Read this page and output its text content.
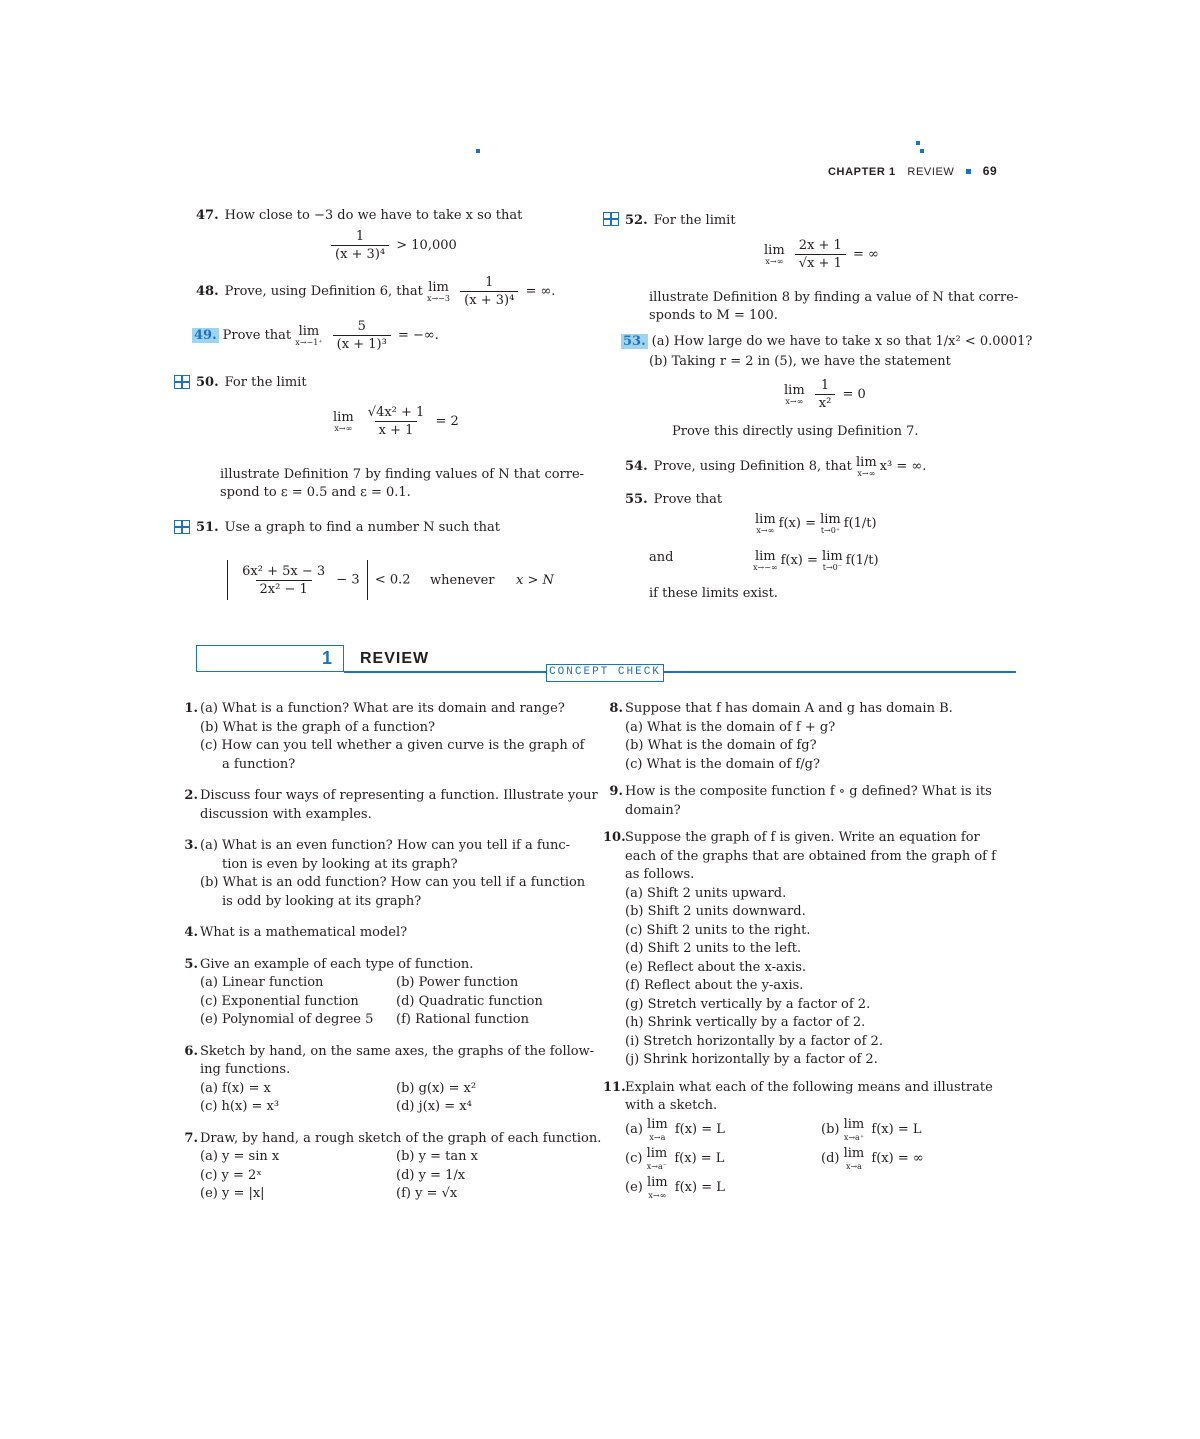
CHAPTER 1 REVIEW 69
47. How close to −3 do we have to take x so that
$\frac{1}{\text{(x + 3)⁴}} > 10,000$
48. Prove, using Definition 6, that lim
x→−3
$\frac{1}{\text{(x + 3)⁴}}$ = ∞.
49. Prove that lim
x→−1⁺
$\frac{5}{\text{(x + 1)³}}$ = −∞.
50. For the limit
lim
x→∞
$\frac{\text{√4x² + 1}}{x + 1} = 2$
illustrate Definition 7 by finding values of N that corre-
spond to ε = 0.5 and ε = 0.1.
51. Use a graph to find a number N such that

$\frac{\text{6x² + 5x − 3}}{\text{2x² − 1}} - 3 < 0.2$ whenever x > N
52. For the limit
lim
x→∞
$\frac{2x + 1}{√x + 1}$ = ∞
illustrate Definition 8 by finding a value of N that corre-
sponds to M = 100.
53. (a) How large do we have to take x so that 1/x² < 0.0001?
(b) Taking r = 2 in (5), we have the statement
lim
x→∞
$\frac{1}{\text{x²}} = 0$
Prove this directly using Definition 7.
54. Prove, using Definition 8, that lim
x→∞ x³ = ∞.
55. Prove that
lim
x→∞ f(x) = lim
t→0⁺ f(1/t)
and	lim
x→−∞ f(x) = lim
t→0⁻ f(1/t)
if these limits exist.
1 REVIEW
CONCEPT CHECK
1. (a) What is a function? What are its domain and range?
(b) What is the graph of a function?
(c) How can you tell whether a given curve is the graph of
a function?
2. Discuss four ways of representing a function. Illustrate your
discussion with examples.
3. (a) What is an even function? How can you tell if a func-
tion is even by looking at its graph?
(b) What is an odd function? How can you tell if a function
is odd by looking at its graph?
4. What is a mathematical model?
5. Give an example of each type of function.
(a) Linear function	(b) Power function
(c) Exponential function	(d) Quadratic function
(e) Polynomial of degree 5 (f) Rational function
6. Sketch by hand, on the same axes, the graphs of the follow-
ing functions.
(a) f(x) = x	(b) g(x) = x²
(c) h(x) = x³	(d) j(x) = x⁴
7. Draw, by hand, a rough sketch of the graph of each function.
(a) y = sin x	(b) y = tan x
(c) y = 2ˣ	(d) y = 1/x
(e) y = |x|	(f) y = √x
8. Suppose that f has domain A and g has domain B.
(a) What is the domain of f + g?
(b) What is the domain of fg?
(c) What is the domain of f/g?
9. How is the composite function f ∘ g defined? What is its
domain?
10.Suppose the graph of f is given. Write an equation for
each of the graphs that are obtained from the graph of f
as follows.
(a) Shift 2 units upward.
(b) Shift 2 units downward.
(c) Shift 2 units to the right.
(d) Shift 2 units to the left.
(e) Reflect about the x-axis.
(f) Reflect about the y-axis.
(g) Stretch vertically by a factor of 2.
(h) Shrink vertically by a factor of 2.
(i) Stretch horizontally by a factor of 2.
(j) Shrink horizontally by a factor of 2.
11.Explain what each of the following means and illustrate
with a sketch.
(a) lim
x→a
f(x) = L	(b) lim
x→a⁺
f(x) = L
(c) lim
x→a⁻
f(x) = L	(d) lim
x→a
f(x) = ∞
(e) lim
x→∞
f(x) = L
